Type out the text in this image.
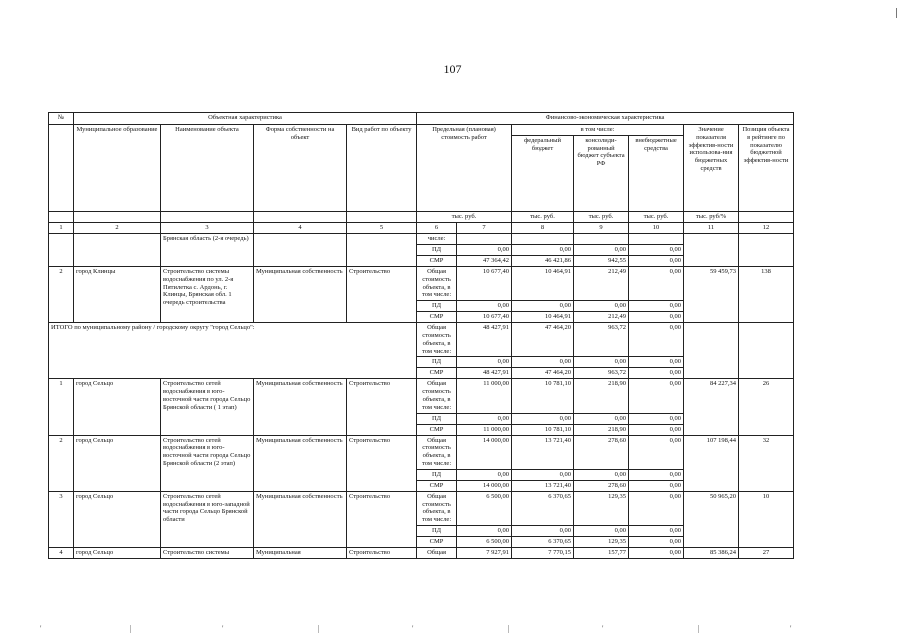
107
№	Объектная характеристика				Финансово-экономическая характеристика						
	Муниципальное образование	Наименование объекта	Форма собственности на объект	Вид работ по объекту	Предельная (плановая) стоимость работ		в том числе:			Значение показателя эффектив-ности использова-ния бюджетных средств	Позиция объекта в рейтинге по показателю бюджетной эффектив-ности
							федеральный бюджет	консолиди-рованный бюджет субъекта РФ	внебюджетные средства		
					тыс. руб.		тыс. руб.	тыс. руб.	тыс. руб.	тыс. руб/%	
1	2	3	4	5	6	7	8	9	10	11	12
		Брянская область (2-я очередь)			числе:						
					ПД	0,00	0,00	0,00	0,00		
					СМР	47 364,42	46 421,86	942,55	0,00		
2	город Клинцы	Строительство системы водоснабжения по ул. 2-я Пятилетка с. Ардонь, г. Клинцы, Брянская обл. 1 очередь строительства	Муниципальная собственность	Строительство	Общая стоимость объекта, в том числе:	10 677,40	10 464,91	212,49	0,00	59 459,73	138
					ПД	0,00	0,00	0,00	0,00		
					СМР	10 677,40	10 464,91	212,49	0,00		
ИТОГО по муниципальному району / городскому округу "город Сельцо":					Общая стоимость объекта, в том числе:	48 427,91	47 464,20	963,72	0,00		
					ПД	0,00	0,00	0,00	0,00		
					СМР	48 427,91	47 464,20	963,72	0,00		
1	город Сельцо	Строительство сетей водоснабжения в юго-восточной части города Сельцо Брянской области ( 1 этап)	Муниципальная собственность	Строительство	Общая стоимость объекта, в том числе:	11 000,00	10 781,10	218,90	0,00	84 227,34	26
					ПД	0,00	0,00	0,00	0,00		
					СМР	11 000,00	10 781,10	218,90	0,00		
2	город Сельцо	Строительство сетей водоснабжения в юго-восточной части города Сельцо Брянской области (2 этап)	Муниципальная собственность	Строительство	Общая стоимость объекта, в том числе:	14 000,00	13 721,40	278,60	0,00	107 198,44	32
					ПД	0,00	0,00	0,00	0,00		
					СМР	14 000,00	13 721,40	278,60	0,00		
3	город Сельцо	Строительство сетей водоснабжения в юго-западной части города Сельцо Брянской области	Муниципальная собственность	Строительство	Общая стоимость объекта, в том числе:	6 500,00	6 370,65	129,35	0,00	50 965,20	10
					ПД	0,00	0,00	0,00	0,00		
					СМР	6 500,00	6 370,65	129,35	0,00		
4	город Сельцо	Строительство системы	Муниципальная	Строительство	Общая	7 927,91	7 770,15	157,77	0,00	85 386,24	27
'	|	'	|	'	|	'	|	'
